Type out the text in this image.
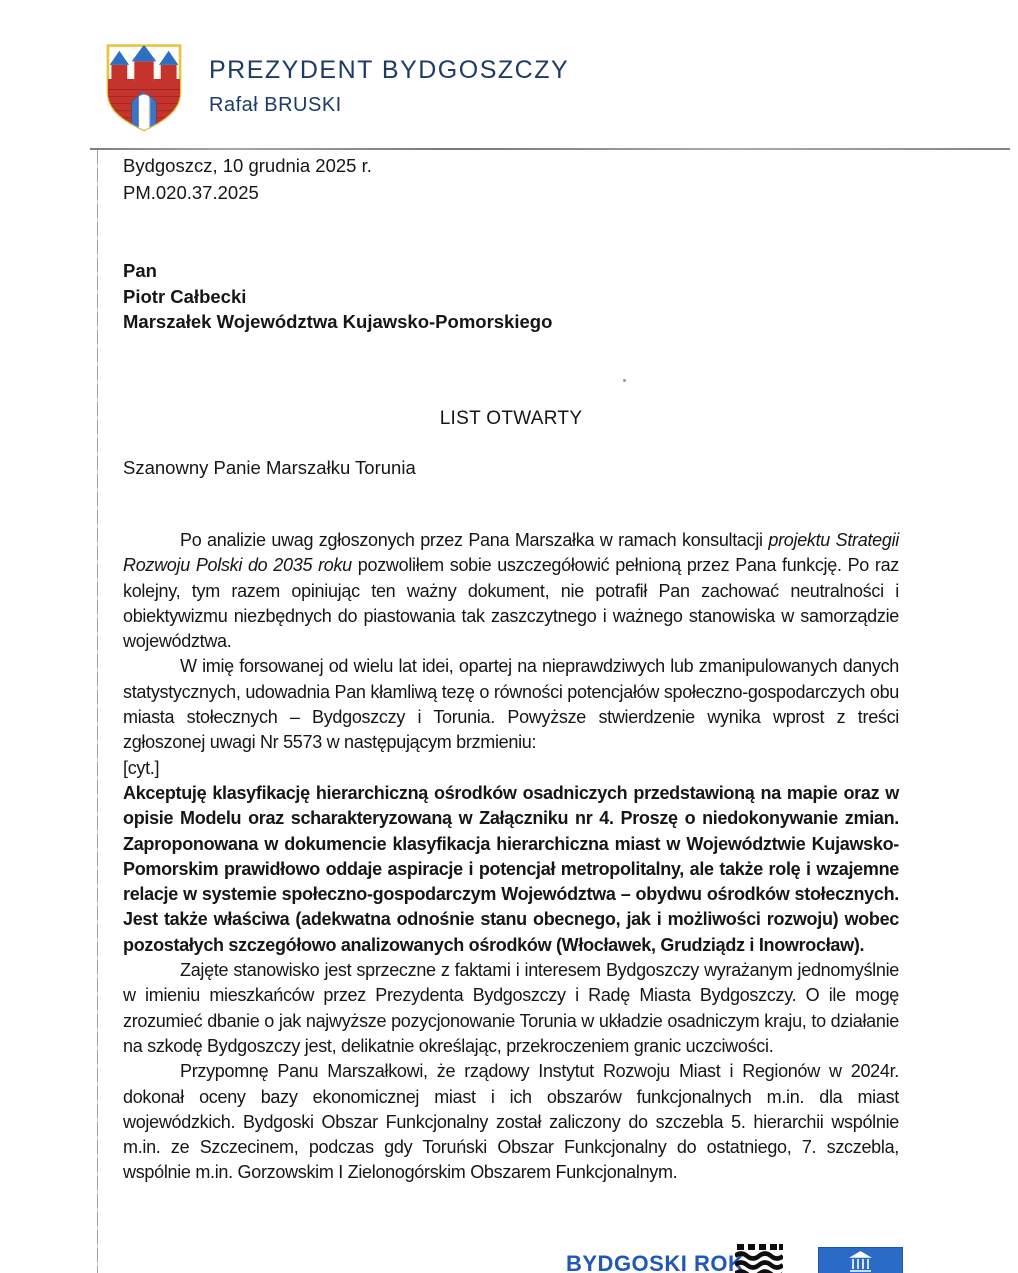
PREZYDENT BYDGOSZCZY
Rafał BRUSKI
Bydgoszcz, 10 grudnia 2025 r.
PM.020.37.2025
Pan
Piotr Całbecki
Marszałek Województwa Kujawsko-Pomorskiego
LIST OTWARTY
Szanowny Panie Marszałku Torunia

Po analizie uwag zgłoszonych przez Pana Marszałka w ramach konsultacji projektu Strategii Rozwoju Polski do 2035 roku pozwoliłem sobie uszczegółowić pełnioną przez Pana funkcję. Po raz kolejny, tym razem opiniując ten ważny dokument, nie potrafił Pan zachować neutralności i obiektywizmu niezbędnych do piastowania tak zaszczytnego i ważnego stanowiska w samorządzie województwa.

W imię forsowanej od wielu lat idei, opartej na nieprawdziwych lub zmanipulowanych danych statystycznych, udowadnia Pan kłamliwą tezę o równości potencjałów społeczno-gospodarczych obu miasta stołecznych – Bydgoszczy i Torunia. Powyższe stwierdzenie wynika wprost z treści zgłoszonej uwagi Nr 5573 w następującym brzmieniu:

[cyt.]

Akceptuję klasyfikację hierarchiczną ośrodków osadniczych przedstawioną na mapie oraz w opisie Modelu oraz scharakteryzowaną w Załączniku nr 4. Proszę o niedokonywanie zmian. Zaproponowana w dokumencie klasyfikacja hierarchiczna miast w Województwie Kujawsko-Pomorskim prawidłowo oddaje aspiracje i potencjał metropolitalny, ale także rolę i wzajemne relacje w systemie społeczno-gospodarczym Województwa – obydwu ośrodków stołecznych. Jest także właściwa (adekwatna odnośnie stanu obecnego, jak i możliwości rozwoju) wobec pozostałych szczegółowo analizowanych ośrodków (Włocławek, Grudziądz i Inowrocław).

Zajęte stanowisko jest sprzeczne z faktami i interesem Bydgoszczy wyrażanym jednomyślnie w imieniu mieszkańców przez Prezydenta Bydgoszczy i Radę Miasta Bydgoszczy. O ile mogę zrozumieć dbanie o jak najwyższe pozycjonowanie Torunia w układzie osadniczym kraju, to działanie na szkodę Bydgoszczy jest, delikatnie określając, przekroczeniem granic uczciwości.

Przypomnę Panu Marszałkowi, że rządowy Instytut Rozwoju Miast i Regionów w 2024r. dokonał oceny bazy ekonomicznej miast i ich obszarów funkcjonalnych m.in. dla miast wojewódzkich. Bydgoski Obszar Funkcjonalny został zaliczony do szczebla 5. hierarchii wspólnie m.in. ze Szczecinem, podczas gdy Toruński Obszar Funkcjonalny do ostatniego, 7. szczebla, wspólnie m.in. Gorzowskim I Zielonogórskim Obszarem Funkcjonalnym.

BYDGOSKI ROK
